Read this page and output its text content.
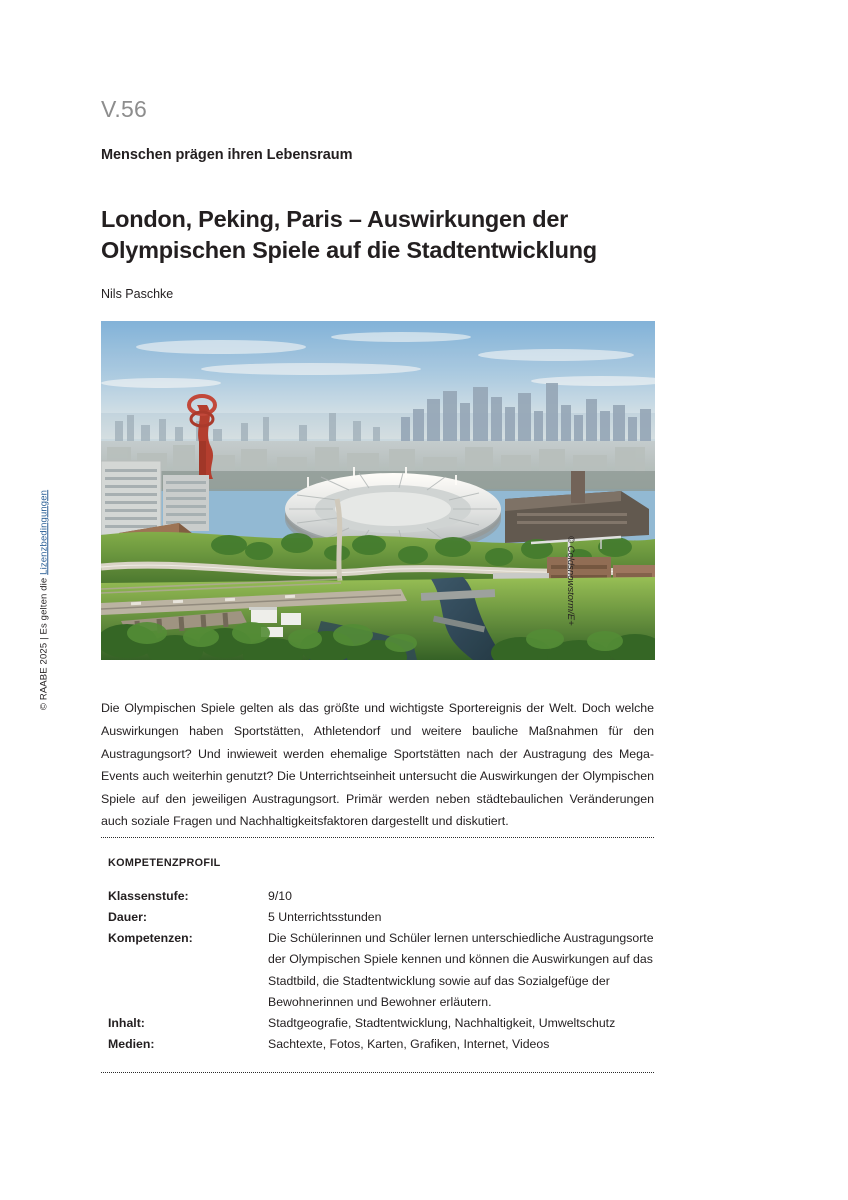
© RAABE 2025 | Es gelten die Lizenzbedingungen
V.56
Menschen prägen ihren Lebensraum
London, Peking, Paris – Auswirkungen der Olympischen Spiele auf die Stadtentwicklung
Nils Paschke
© Coldsnowstorm/E+

Die Olympischen Spiele gelten als das größte und wichtigste Sportereignis der Welt. Doch welche Auswirkungen haben Sportstätten, Athletendorf und weitere bauliche Maßnahmen für den Austragungsort? Und inwieweit werden ehemalige Sportstätten nach der Austragung des Mega-Events auch weiterhin genutzt? Die Unterrichtseinheit untersucht die Auswirkungen der Olympischen Spiele auf den jeweiligen Austragungsort. Primär werden neben städtebaulichen Veränderungen auch soziale Fragen und Nachhaltigkeitsfaktoren dargestellt und diskutiert.

KOMPETENZPROFIL
Klassenstufe:	9/10
Dauer:	5 Unterrichtsstunden
Kompetenzen:	Die Schülerinnen und Schüler lernen unterschiedliche Austragungsorte der Olympischen Spiele kennen und können die Auswirkungen auf das Stadtbild, die Stadtentwicklung sowie auf das Sozialgefüge der Bewohnerinnen und Bewohner erläutern.
Inhalt:	Stadtgeografie, Stadtentwicklung, Nachhaltigkeit, Umweltschutz
Medien:	Sachtexte, Fotos, Karten, Grafiken, Internet, Videos
